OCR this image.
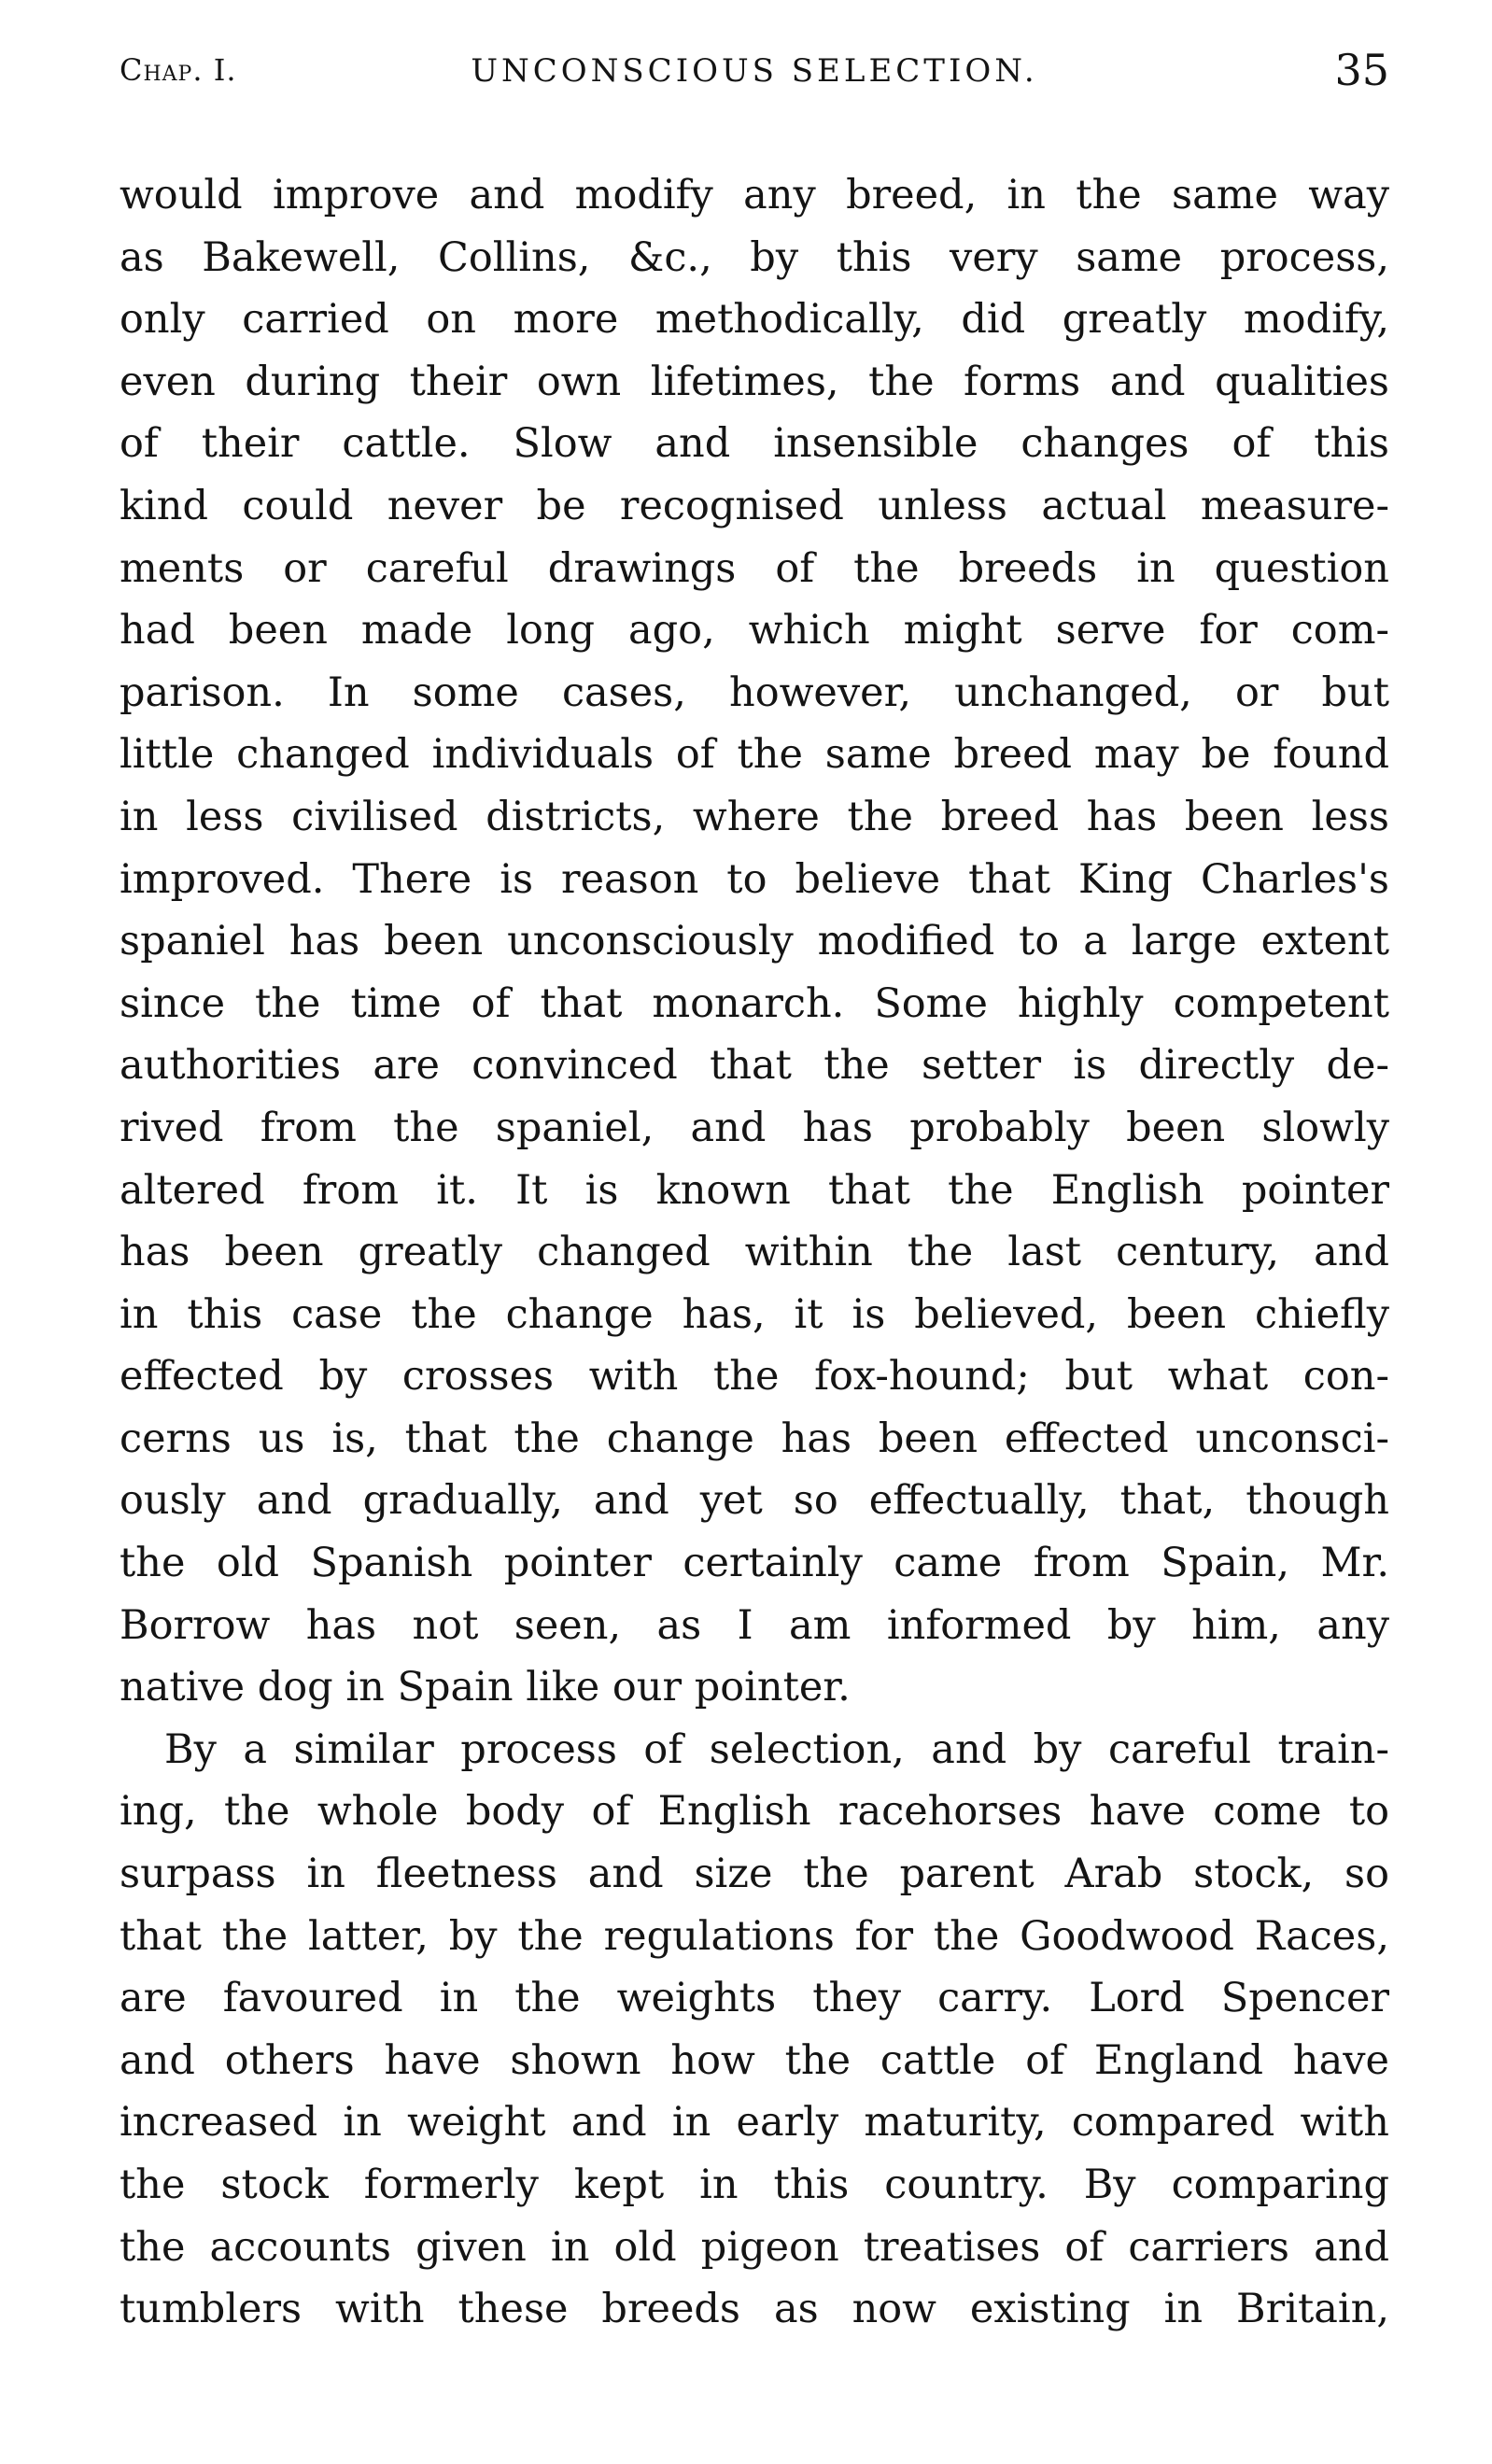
Chap. I.	UNCONSCIOUS SELECTION.	35
would improve and modify any breed, in the same way
as Bakewell, Collins, &c., by this very same process,
only carried on more methodically, did greatly modify,
even during their own lifetimes, the forms and qualities
of their cattle. Slow and insensible changes of this
kind could never be recognised unless actual measure-
ments or careful drawings of the breeds in question
had been made long ago, which might serve for com-
parison. In some cases, however, unchanged, or but
little changed individuals of the same breed may be found
in less civilised districts, where the breed has been less
improved. There is reason to believe that King Charles's
spaniel has been unconsciously modified to a large extent
since the time of that monarch. Some highly competent
authorities are convinced that the setter is directly de-
rived from the spaniel, and has probably been slowly
altered from it. It is known that the English pointer
has been greatly changed within the last century, and
in this case the change has, it is believed, been chiefly
effected by crosses with the fox-hound; but what con-
cerns us is, that the change has been effected unconsci-
ously and gradually, and yet so effectually, that, though
the old Spanish pointer certainly came from Spain, Mr.
Borrow has not seen, as I am informed by him, any
native dog in Spain like our pointer.
By a similar process of selection, and by careful train-
ing, the whole body of English racehorses have come to
surpass in fleetness and size the parent Arab stock, so
that the latter, by the regulations for the Goodwood Races,
are favoured in the weights they carry. Lord Spencer
and others have shown how the cattle of England have
increased in weight and in early maturity, compared with
the stock formerly kept in this country. By comparing
the accounts given in old pigeon treatises of carriers and
tumblers with these breeds as now existing in Britain,
